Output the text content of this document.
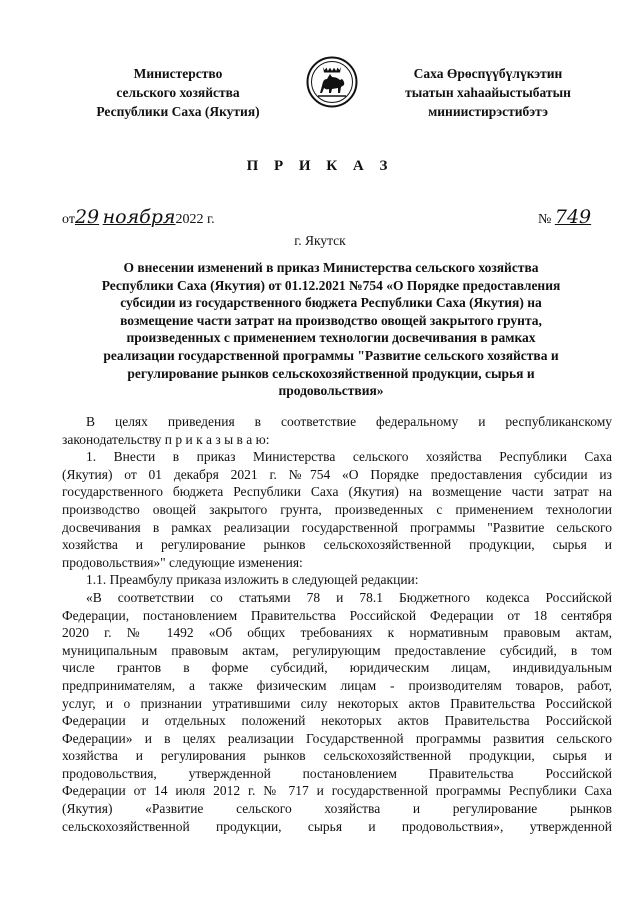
Министерство
сельского хозяйства
Республики Саха (Якутия)
Саха Өрөспүүбүлүкэтин
тыатын хаһаайыстыбатын
миниистирэстибэтэ
П Р И К А З
от29 ноября2022 г.	№ 749
г. Якутск
О внесении изменений в приказ Министерства сельского хозяйства
Республики Саха (Якутия) от 01.12.2021 №754 «О Порядке предоставления
субсидии из государственного бюджета Республики Саха (Якутия) на
возмещение части затрат на производство овощей закрытого грунта,
произведенных с применением технологии досвечивания в рамках
реализации государственной программы "Развитие сельского хозяйства и
регулирование рынков сельскохозяйственной продукции, сырья и
продовольствия»
В целях приведения в соответствие федеральному и республиканскому
законодательству п р и к а з ы в а ю:
1. Внести в приказ Министерства сельского хозяйства Республики Саха
(Якутия) от 01 декабря 2021 г. №754 «О Порядке предоставления субсидии из
государственного бюджета Республики Саха (Якутия) на возмещение части затрат на
производство овощей закрытого грунта, произведенных с применением технологии
досвечивания в рамках реализации государственной программы "Развитие сельского
хозяйства и регулирование рынков сельскохозяйственной продукции, сырья и
продовольствия»" следующие изменения:
1.1. Преамбулу приказа изложить в следующей редакции:
«В соответствии со статьями 78 и 78.1 Бюджетного кодекса Российской
Федерации, постановлением Правительства Российской Федерации от 18 сентября
2020 г. № 1492 «Об общих требованиях к нормативным правовым актам,
муниципальным правовым актам, регулирующим предоставление субсидий, в том
числе грантов в форме субсидий, юридическим лицам, индивидуальным
предпринимателям, а также физическим лицам - производителям товаров, работ,
услуг, и о признании утратившими силу некоторых актов Правительства Российской
Федерации и отдельных положений некоторых актов Правительства Российской
Федерации» и в целях реализации Государственной программы развития сельского
хозяйства и регулирования рынков сельскохозяйственной продукции, сырья и
продовольствия, утвержденной постановлением Правительства Российской
Федерации от 14 июля 2012 г. № 717 и государственной программы Республики Саха
(Якутия) «Развитие сельского хозяйства и регулирование рынков
сельскохозяйственной продукции, сырья и продовольствия», утвержденной
